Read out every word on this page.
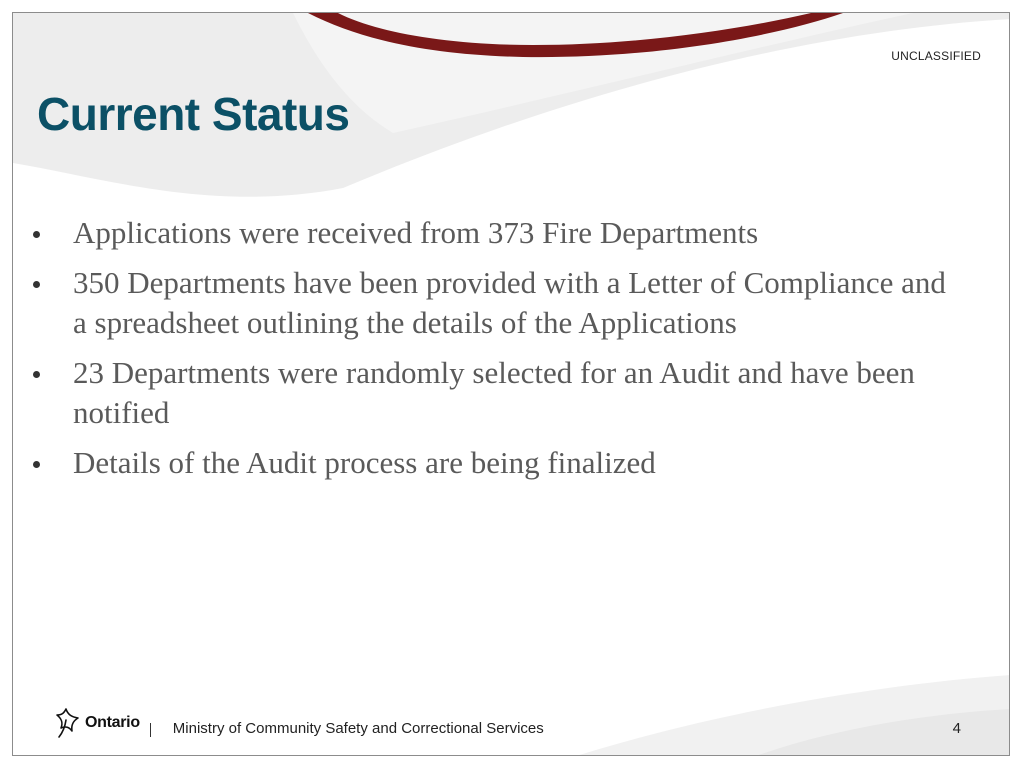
UNCLASSIFIED
Current Status
Applications were received from 373 Fire Departments
350 Departments have been provided with a Letter of Compliance and a spreadsheet outlining the details of the Applications
23 Departments were randomly selected for an Audit and have been notified
Details of the Audit process are being finalized
Ontario Ministry of Community Safety and Correctional Services	4
